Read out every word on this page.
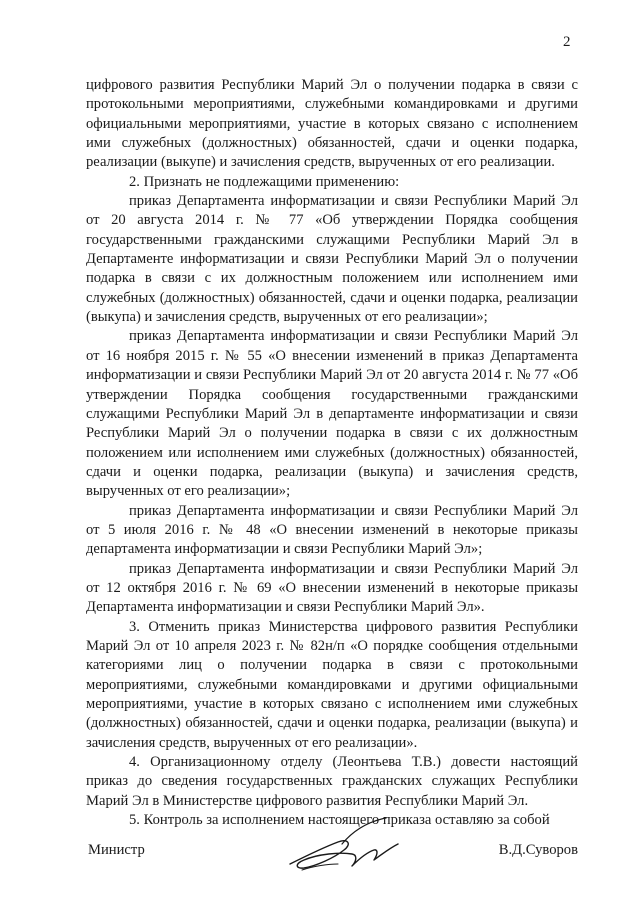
2

цифрового развития Республики Марий Эл о получении подарка в связи с протокольными мероприятиями, служебными командировками и другими официальными мероприятиями, участие в которых связано с исполнением ими служебных (должностных) обязанностей, сдачи и оценки подарка, реализации (выкупе) и зачисления средств, вырученных от его реализации.

2. Признать не подлежащими применению:

приказ Департамента информатизации и связи Республики Марий Эл от 20 августа 2014 г. № 77 «Об утверждении Порядка сообщения государственными гражданскими служащими Республики Марий Эл в Департаменте информатизации и связи Республики Марий Эл о получении подарка в связи с их должностным положением или исполнением ими служебных (должностных) обязанностей, сдачи и оценки подарка, реализации (выкупа) и зачисления средств, вырученных от его реализации»;

приказ Департамента информатизации и связи Республики Марий Эл от 16 ноября 2015 г. № 55 «О внесении изменений в приказ Департамента информатизации и связи Республики Марий Эл от 20 августа 2014 г. № 77 «Об утверждении Порядка сообщения государственными гражданскими служащими Республики Марий Эл в департаменте информатизации и связи Республики Марий Эл о получении подарка в связи с их должностным положением или исполнением ими служебных (должностных) обязанностей, сдачи и оценки подарка, реализации (выкупа) и зачисления средств, вырученных от его реализации»;

приказ Департамента информатизации и связи Республики Марий Эл от 5 июля 2016 г. № 48 «О внесении изменений в некоторые приказы департамента информатизации и связи Республики Марий Эл»;

приказ Департамента информатизации и связи Республики Марий Эл от 12 октября 2016 г. № 69 «О внесении изменений в некоторые приказы Департамента информатизации и связи Республики Марий Эл».

3. Отменить приказ Министерства цифрового развития Республики Марий Эл от 10 апреля 2023 г. № 82н/п «О порядке сообщения отдельными категориями лиц о получении подарка в связи с протокольными мероприятиями, служебными командировками и другими официальными мероприятиями, участие в которых связано с исполнением ими служебных (должностных) обязанностей, сдачи и оценки подарка, реализации (выкупа) и зачисления средств, вырученных от его реализации».

4. Организационному отделу (Леонтьева Т.В.) довести настоящий приказ до сведения государственных гражданских служащих Республики Марий Эл в Министерстве цифрового развития Республики Марий Эл.

5. Контроль за исполнением настоящего приказа оставляю за собой

Министр	В.Д.Суворов
